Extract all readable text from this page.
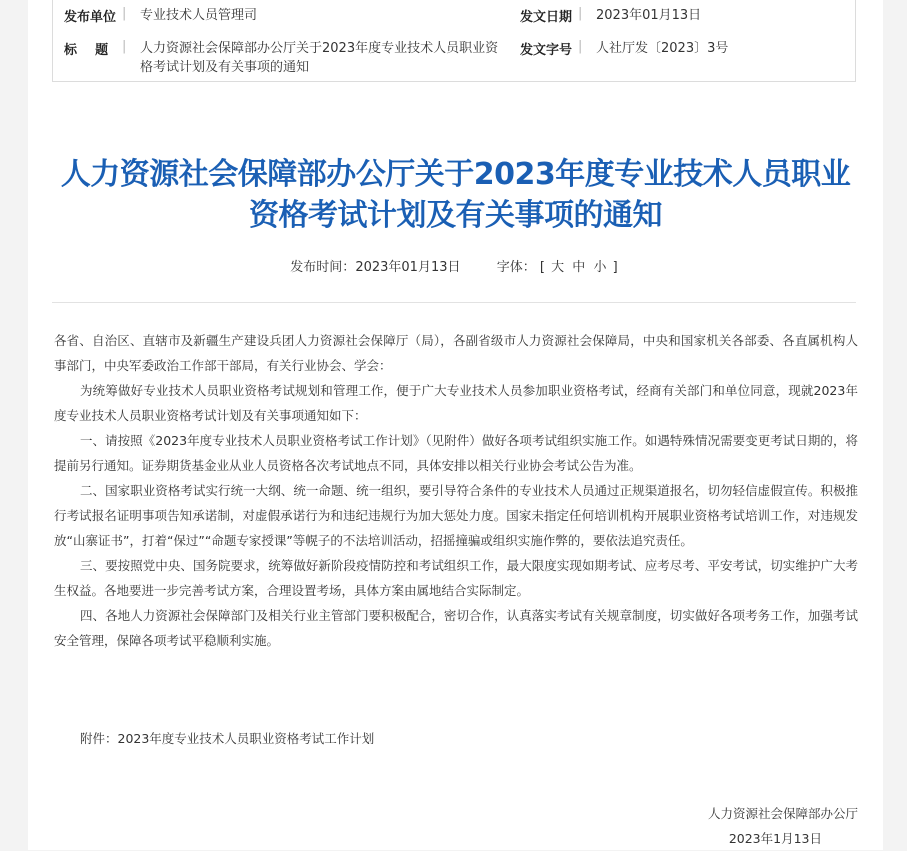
发布单位 |	专业技术人员管理司	发文日期 |	2023年01月13日
标    题	|	人力资源社会保障部办公厅关于2023年度专业技术人员职业资格考试计划及有关事项的通知
发文字号 |	人社厅发〔2023〕3号
人力资源社会保障部办公厅关于2023年度专业技术人员职业资格考试计划及有关事项的通知
发布时间：2023年01月13日	字体： [ 大 中 小 ]

各省、自治区、直辖市及新疆生产建设兵团人力资源社会保障厅（局），各副省级市人力资源社会保障局，中央和国家机关各部委、各直属机构人事部门，中央军委政治工作部干部局，有关行业协会、学会：

为统筹做好专业技术人员职业资格考试规划和管理工作，便于广大专业技术人员参加职业资格考试，经商有关部门和单位同意，现就2023年度专业技术人员职业资格考试计划及有关事项通知如下：

一、请按照《2023年度专业技术人员职业资格考试工作计划》（见附件）做好各项考试组织实施工作。如遇特殊情况需要变更考试日期的，将提前另行通知。证券期货基金业从业人员资格各次考试地点不同，具体安排以相关行业协会考试公告为准。

二、国家职业资格考试实行统一大纲、统一命题、统一组织，要引导符合条件的专业技术人员通过正规渠道报名，切勿轻信虚假宣传。积极推行考试报名证明事项告知承诺制，对虚假承诺行为和违纪违规行为加大惩处力度。国家未指定任何培训机构开展职业资格考试培训工作，对违规发放“山寨证书”，打着“保过”“命题专家授课”等幌子的不法培训活动，招摇撞骗或组织实施作弊的，要依法追究责任。

三、要按照党中央、国务院要求，统筹做好新阶段疫情防控和考试组织工作，最大限度实现如期考试、应考尽考、平安考试，切实维护广大考生权益。各地要进一步完善考试方案，合理设置考场，具体方案由属地结合实际制定。

四、各地人力资源社会保障部门及相关行业主管部门要积极配合，密切合作，认真落实考试有关规章制度，切实做好各项考务工作，加强考试安全管理，保障各项考试平稳顺利实施。

附件：2023年度专业技术人员职业资格考试工作计划
人力资源社会保障部办公厅
2023年1月13日
